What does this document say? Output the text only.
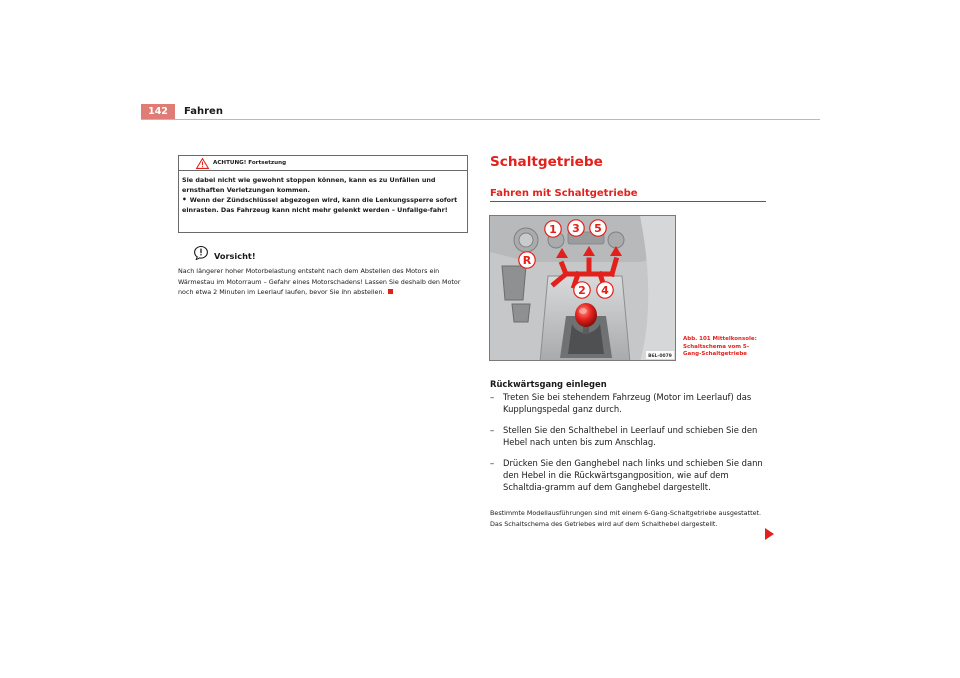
142	Fahren
ACHTUNG! Fortsetzung

Sie dabei nicht wie gewohnt stoppen können, kann es zu Unfällen und ernsthaften Verletzungen kommen.

• Wenn der Zündschlüssel abgezogen wird, kann die Lenkungssperre sofort einrasten. Das Fahrzeug kann nicht mehr gelenkt werden – Unfallge-fahr!

Vorsicht!
Nach längerer hoher Motorbelastung entsteht nach dem Abstellen des Motors ein Wärmestau im Motorraum – Gefahr eines Motorschadens! Lassen Sie deshalb den Motor noch etwa 2 Minuten im Leerlauf laufen, bevor Sie ihn abstellen.
Schaltgetriebe
Fahren mit Schaltgetriebe
1 3 5
R
2 4
B6L-0079
Abb. 101 Mittelkonsole: Schaltschema vom 5-Gang-Schaltgetriebe
Rückwärtsgang einlegen
– Treten Sie bei stehendem Fahrzeug (Motor im Leerlauf) das Kupplungspedal ganz durch.
– Stellen Sie den Schalthebel in Leerlauf und schieben Sie den Hebel nach unten bis zum Anschlag.
– Drücken Sie den Ganghebel nach links und schieben Sie dann den Hebel in die Rückwärtsgangposition, wie auf dem Schaltdia-gramm auf dem Ganghebel dargestellt.
Bestimmte Modellausführungen sind mit einem 6-Gang-Schaltgetriebe ausgestattet. Das Schaltschema des Getriebes wird auf dem Schalthebel dargestellt.
